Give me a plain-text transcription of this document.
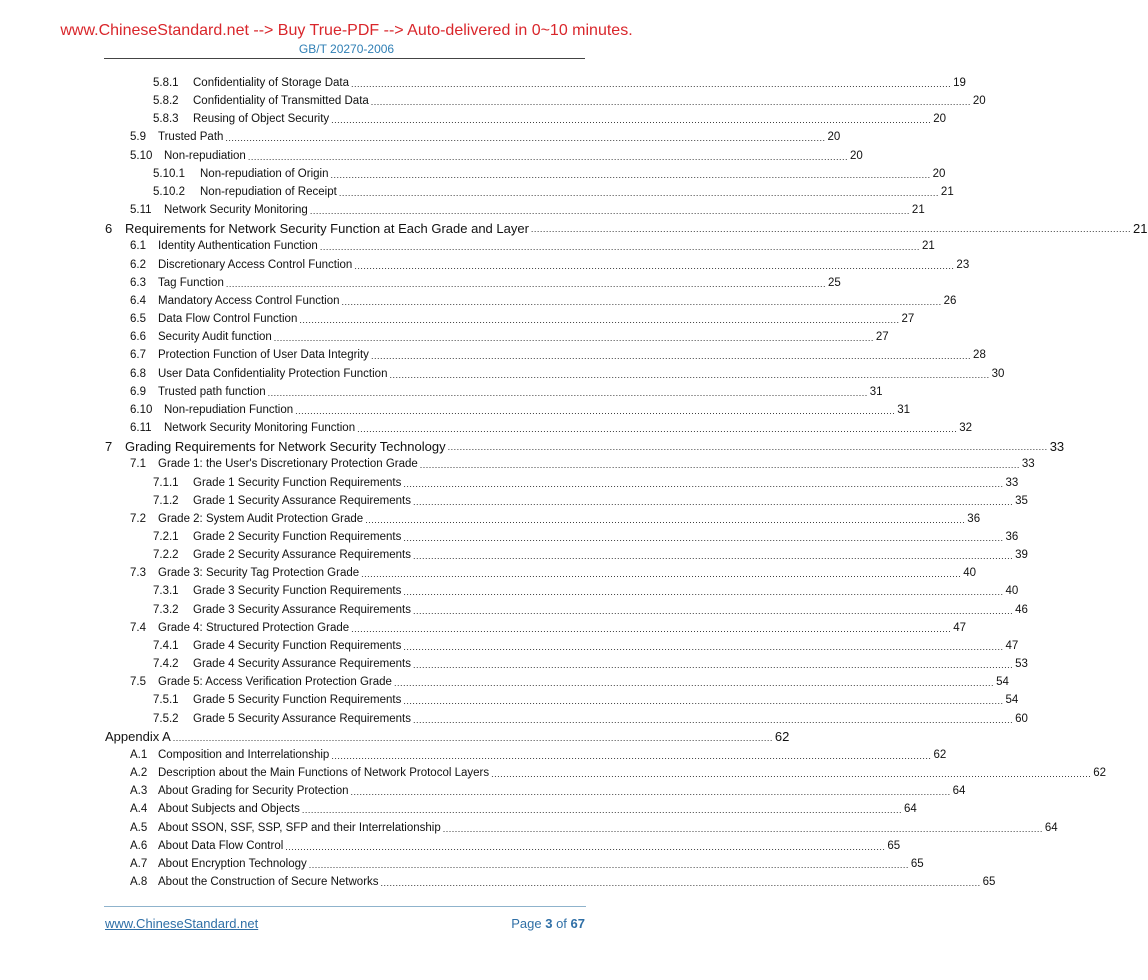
www.ChineseStandard.net --> Buy True-PDF --> Auto-delivered in 0~10 minutes.
GB/T 20270-2006
5.8.1	Confidentiality of Storage Data ........................................................................................................................................................................................................ 19
5.8.2	Confidentiality of Transmitted Data ........................................................................................................................................................................................................ 20
5.8.3	Reusing of Object Security ........................................................................................................................................................................................................ 20
5.9	Trusted Path ........................................................................................................................................................................................................ 20
5.10	Non-repudiation ........................................................................................................................................................................................................ 20
5.10.1	Non-repudiation of Origin ........................................................................................................................................................................................................ 20
5.10.2	Non-repudiation of Receipt ........................................................................................................................................................................................................ 21
5.11	Network Security Monitoring ........................................................................................................................................................................................................ 21
6 Requirements for Network Security Function at Each Grade and Layer ........................................................................................................................................................................................................ 21
6.1	Identity Authentication Function ........................................................................................................................................................................................................ 21
6.2	Discretionary Access Control Function ........................................................................................................................................................................................................ 23
6.3	Tag Function ........................................................................................................................................................................................................ 25
6.4	Mandatory Access Control Function ........................................................................................................................................................................................................ 26
6.5	Data Flow Control Function ........................................................................................................................................................................................................ 27
6.6	Security Audit function ........................................................................................................................................................................................................ 27
6.7	Protection Function of User Data Integrity ........................................................................................................................................................................................................ 28
6.8	User Data Confidentiality Protection Function ........................................................................................................................................................................................................ 30
6.9	Trusted path function ........................................................................................................................................................................................................ 31
6.10	Non-repudiation Function ........................................................................................................................................................................................................ 31
6.11	Network Security Monitoring Function ........................................................................................................................................................................................................ 32
7 Grading Requirements for Network Security Technology ........................................................................................................................................................................................................ 33
7.1	Grade 1: the User's Discretionary Protection Grade ........................................................................................................................................................................................................ 33
7.1.1	Grade 1 Security Function Requirements ........................................................................................................................................................................................................ 33
7.1.2	Grade 1 Security Assurance Requirements ........................................................................................................................................................................................................ 35
7.2	Grade 2: System Audit Protection Grade ........................................................................................................................................................................................................ 36
7.2.1	Grade 2 Security Function Requirements ........................................................................................................................................................................................................ 36
7.2.2	Grade 2 Security Assurance Requirements ........................................................................................................................................................................................................ 39
7.3	Grade 3: Security Tag Protection Grade ........................................................................................................................................................................................................ 40
7.3.1	Grade 3 Security Function Requirements ........................................................................................................................................................................................................ 40
7.3.2	Grade 3 Security Assurance Requirements ........................................................................................................................................................................................................ 46
7.4	Grade 4: Structured Protection Grade ........................................................................................................................................................................................................ 47
7.4.1	Grade 4 Security Function Requirements ........................................................................................................................................................................................................ 47
7.4.2	Grade 4 Security Assurance Requirements ........................................................................................................................................................................................................ 53
7.5	Grade 5: Access Verification Protection Grade ........................................................................................................................................................................................................ 54
7.5.1	Grade 5 Security Function Requirements ........................................................................................................................................................................................................ 54
7.5.2	Grade 5 Security Assurance Requirements ........................................................................................................................................................................................................ 60
Appendix A ........................................................................................................................................................................................................ 62
A.1 Composition and Interrelationship ........................................................................................................................................................................................................ 62
A.2 Description about the Main Functions of Network Protocol Layers ........................................................................................................................................................................................................ 62
A.3 About Grading for Security Protection ........................................................................................................................................................................................................ 64
A.4 About Subjects and Objects ........................................................................................................................................................................................................ 64
A.5 About SSON, SSF, SSP, SFP and their Interrelationship ........................................................................................................................................................................................................ 64
A.6 About Data Flow Control ........................................................................................................................................................................................................ 65
A.7 About Encryption Technology ........................................................................................................................................................................................................ 65
A.8 About the Construction of Secure Networks ........................................................................................................................................................................................................ 65
www.ChineseStandard.net	Page 3 of 67
